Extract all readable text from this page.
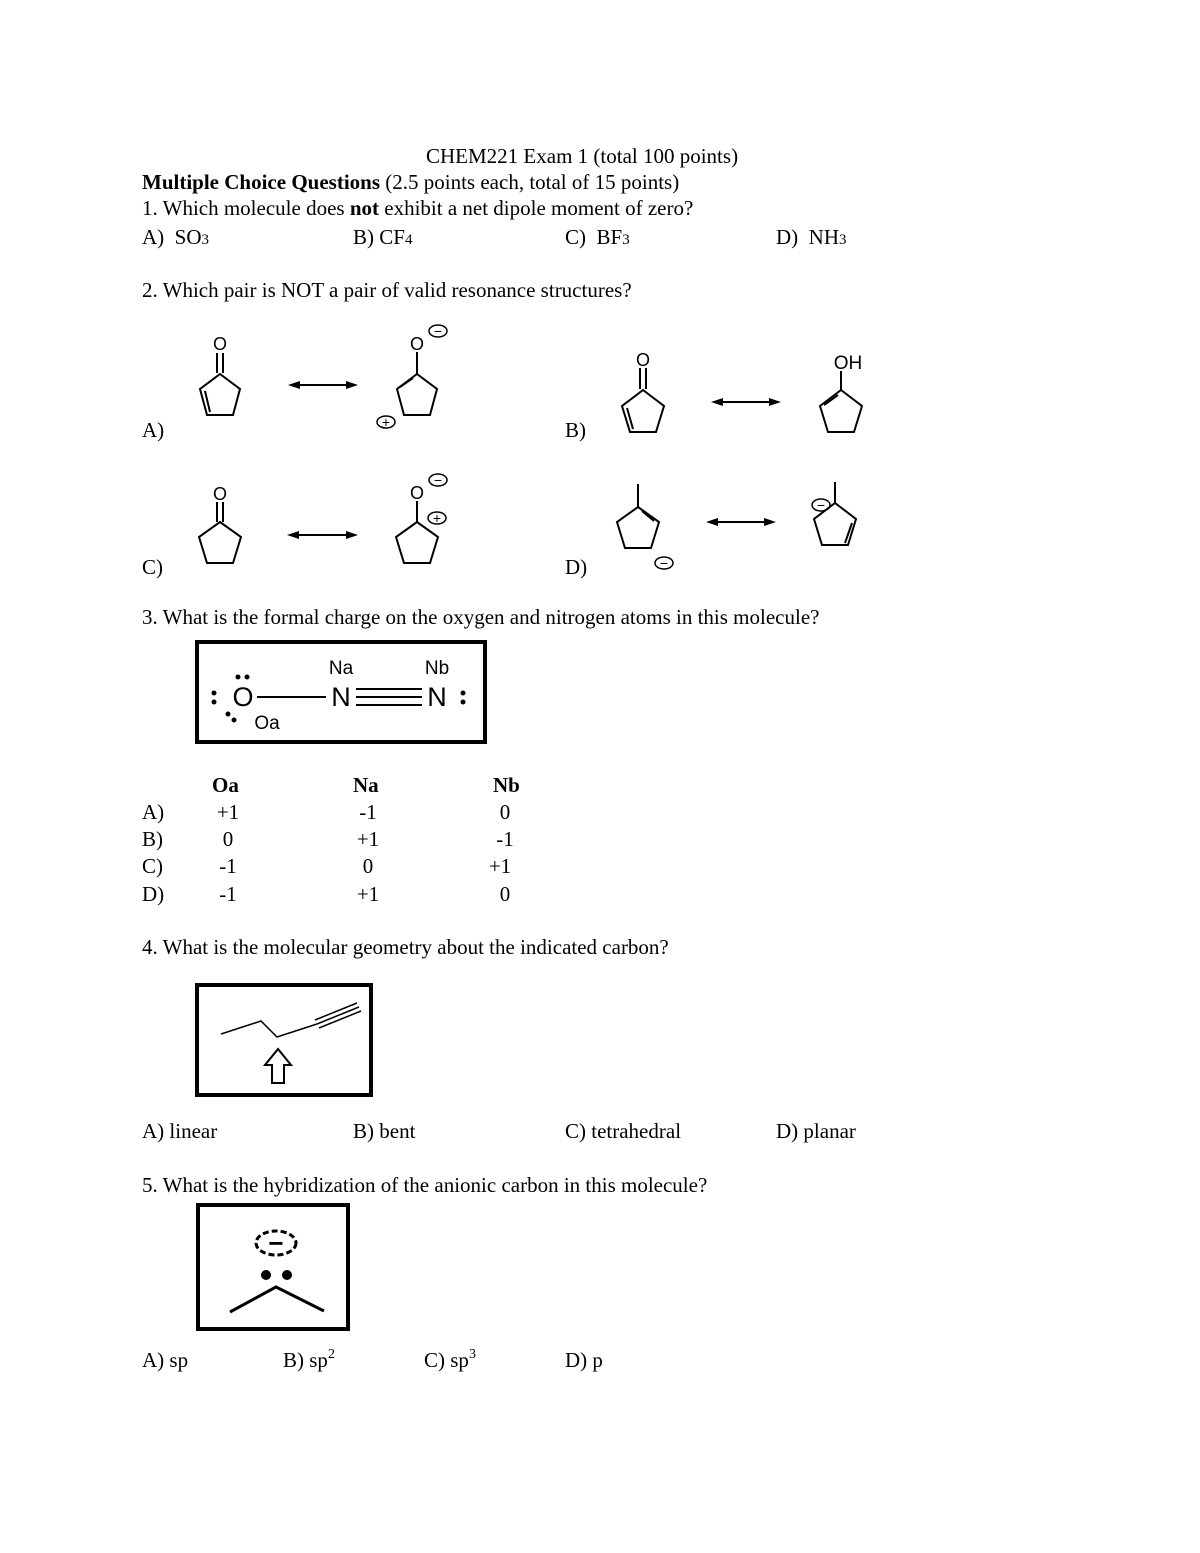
CHEM221 Exam 1 (total 100 points)
Multiple Choice Questions (2.5 points each, total of 15 points)
1. Which molecule does not exhibit a net dipole moment of zero?
A) SO3	B) CF4	C) BF3	D) NH3
2. Which pair is NOT a pair of valid resonance structures?
A)	B)
C)	D)
O	O
−
+
O	OH
O	O
−
+
−
−
3. What is the formal charge on the oxygen and nitrogen atoms in this molecule?
Na	Nb
O
Oa
N	N
Oa	Na	Nb
A)	+1	-1	0
B)	0	+1	-1
C)	-1	0	+1
D)	-1	+1	0
4. What is the molecular geometry about the indicated carbon?
A) linear	B) bent	C) tetrahedral	D) planar
5. What is the hybridization of the anionic carbon in this molecule?
−
A) sp	B) $sp^2$	C) $sp^3$	D) p
